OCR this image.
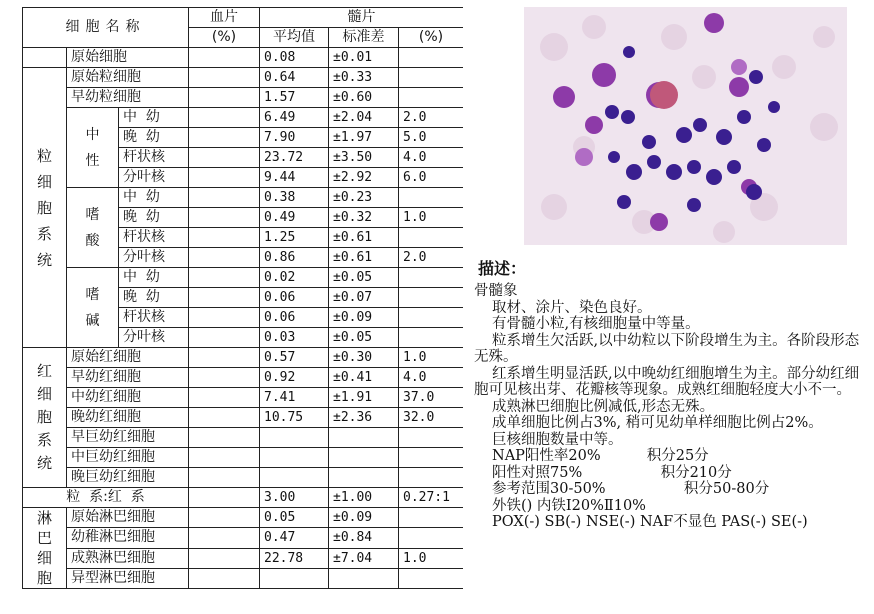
细胞名称			血片	髓片		
			(%)	平均值	标准差	(%)
	原始细胞			0.08	±0.01	
粒
细
胞
系
统	原始粒细胞			0.64	±0.33	
	早幼粒细胞			1.57	±0.60	
	中
性	中  幼		6.49	±2.04	2.0
		晚  幼		7.90	±1.97	5.0
		杆状核		23.72	±3.50	4.0
		分叶核		9.44	±2.92	6.0
	嗜
酸	中  幼		0.38	±0.23	
		晚  幼		0.49	±0.32	1.0
		杆状核		1.25	±0.61	
		分叶核		0.86	±0.61	2.0
	嗜
碱	中  幼		0.02	±0.05	
		晚  幼		0.06	±0.07	
		杆状核		0.06	±0.09	
		分叶核		0.03	±0.05	
红
细
胞
系
统	原始红细胞			0.57	±0.30	1.0
	早幼红细胞			0.92	±0.41	4.0
	中幼红细胞			7.41	±1.91	37.0
	晚幼红细胞			10.75	±2.36	32.0
	早巨幼红细胞					
	中巨幼红细胞					
	晚巨幼红细胞					
粒  系:红  系				3.00	±1.00	0.27:1
淋
巴
细
胞	原始淋巴细胞			0.05	±0.09	
	幼稚淋巴细胞			0.47	±0.84	
	成熟淋巴细胞			22.78	±7.04	1.0
	异型淋巴细胞					
描述：

骨髓象

取材、涂片、染色良好。

有骨髓小粒,有核细胞量中等量。

粒系增生欠活跃,以中幼粒以下阶段增生为主。各阶段形态无殊。

红系增生明显活跃,以中晚幼红细胞增生为主。部分幼红细胞可见核出芽、花瓣核等现象。成熟红细胞轻度大小不一。

成熟淋巴细胞比例减低,形态无殊。

成单细胞比例占3%, 稍可见幼单样细胞比例占2%。

巨核细胞数量中等。

NAP阳性率20%          积分25分

阳性对照75%                 积分210分

参考范围30-50%                 积分50-80分

外铁() 内铁Ⅰ20%Ⅱ10%

POX(-) SB(-) NSE(-) NAF不显色 PAS(-) SE(-)
